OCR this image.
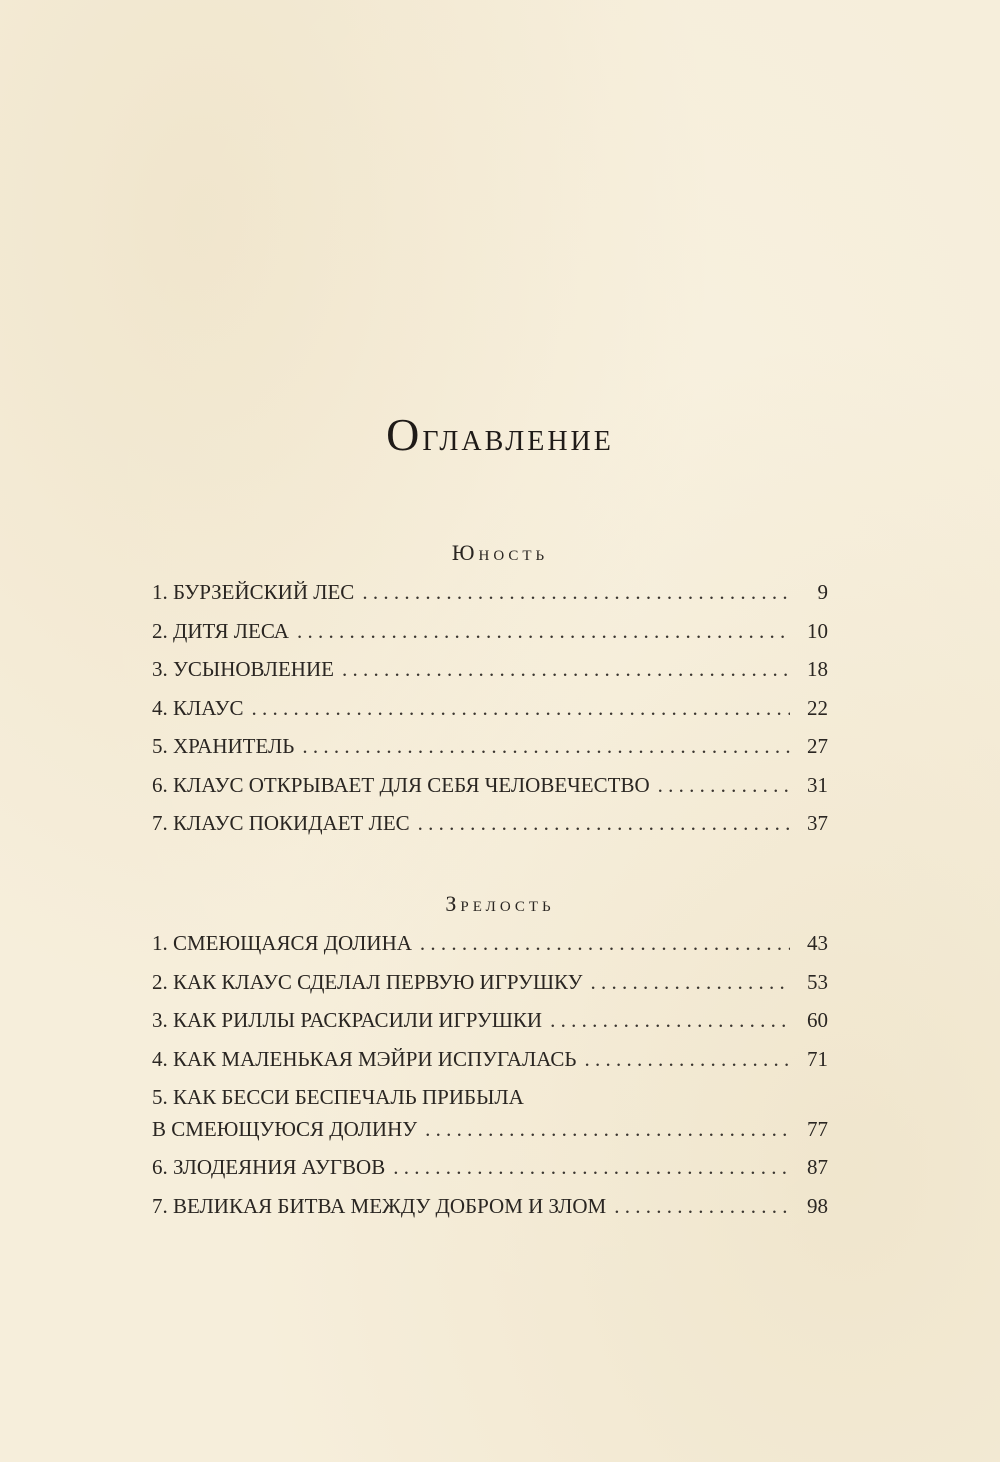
Оглавление
Юность
1. БУРЗЕЙСКИЙ ЛЕС . . .	9
2. ДИТЯ ЛЕСА . . .	10
3. УСЫНОВЛЕНИЕ . . .	18
4. КЛАУС . . .	22
5. ХРАНИТЕЛЬ . . .	27
6. КЛАУС ОТКРЫВАЕТ ДЛЯ СЕБЯ ЧЕЛОВЕЧЕСТВО . . .	31
7. КЛАУС ПОКИДАЕТ ЛЕС . . .	37
Зрелость
1. СМЕЮЩАЯСЯ ДОЛИНА . . .	43
2. КАК КЛАУС СДЕЛАЛ ПЕРВУЮ ИГРУШКУ . . .	53
3. КАК РИЛЛЫ РАСКРАСИЛИ ИГРУШКИ . . .	60
4. КАК МАЛЕНЬКАЯ МЭЙРИ ИСПУГАЛАСЬ . . .	71
5. КАК БЕССИ БЕСПЕЧАЛЬ ПРИБЫЛА
В СМЕЮЩУЮСЯ ДОЛИНУ . . .	77
6. ЗЛОДЕЯНИЯ АУГВОВ . . .	87
7. ВЕЛИКАЯ БИТВА МЕЖДУ ДОБРОМ И ЗЛОМ . . .	98
